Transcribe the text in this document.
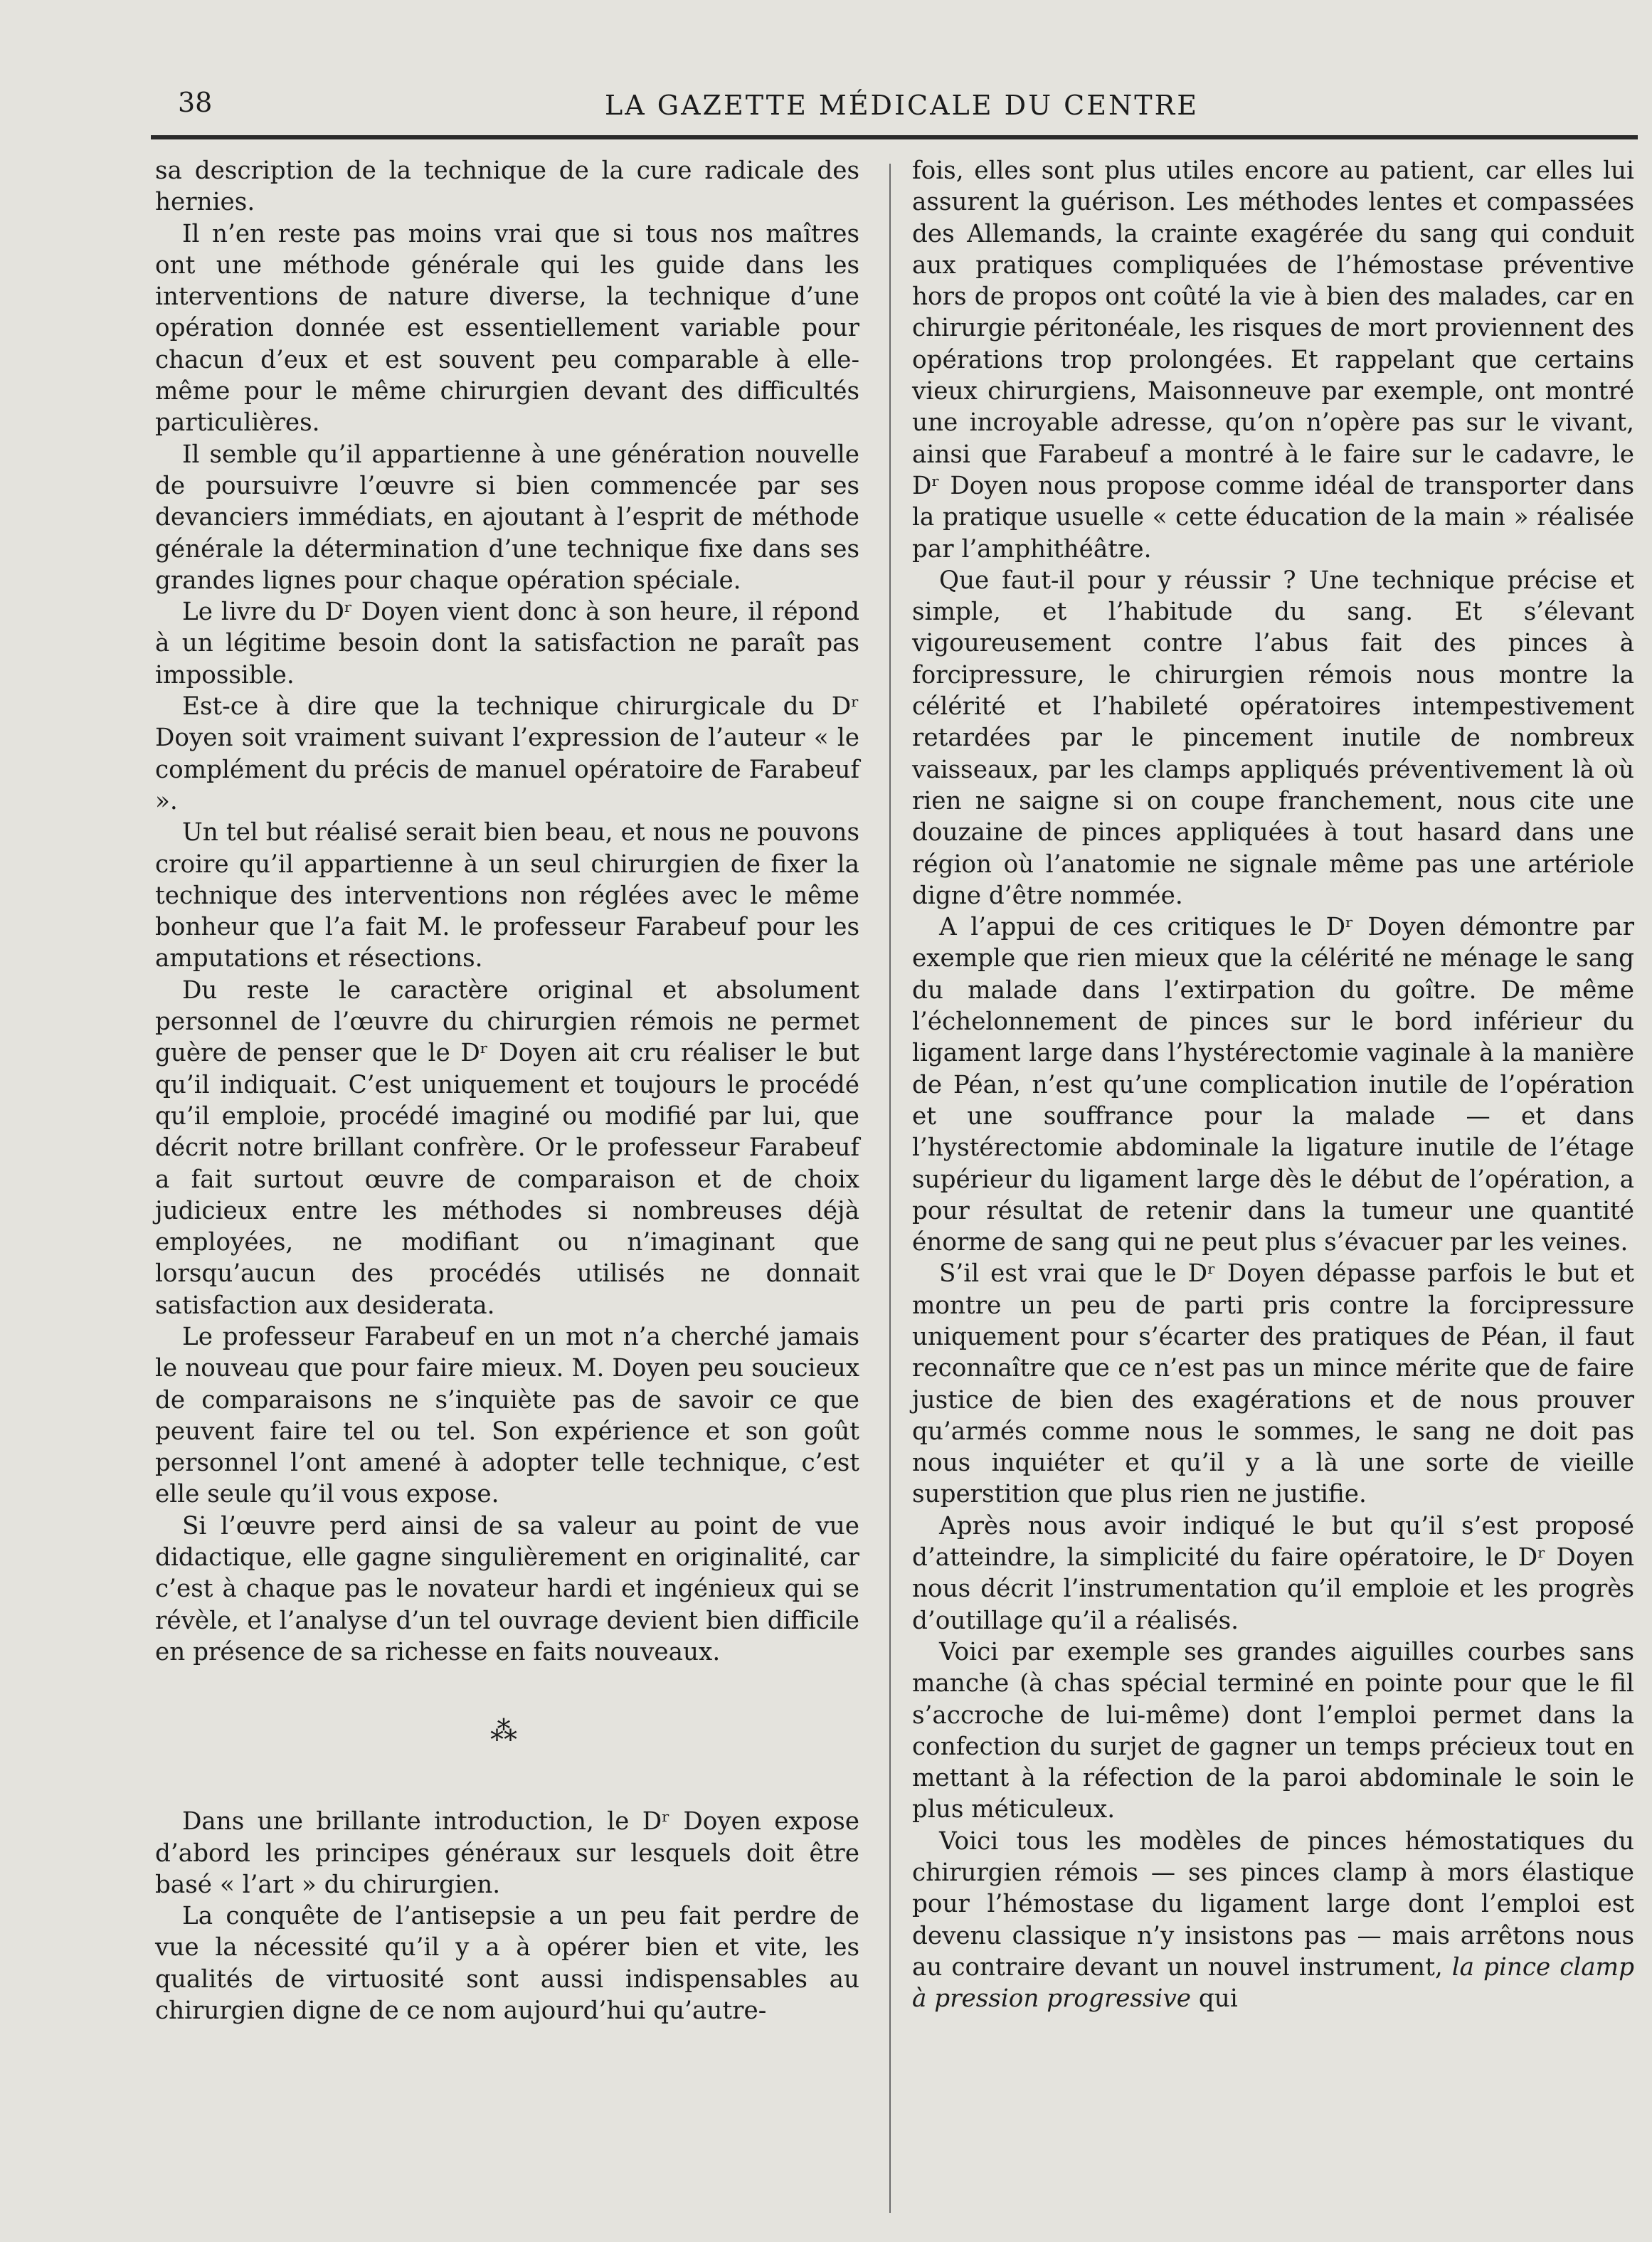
38	LA GAZETTE MÉDICALE DU CENTRE

sa description de la technique de la cure radicale des hernies.

Il n’en reste pas moins vrai que si tous nos maîtres ont une méthode générale qui les guide dans les interventions de nature diverse, la technique d’une opération donnée est essentiellement variable pour chacun d’eux et est souvent peu comparable à elle-même pour le même chirurgien devant des difficultés particulières.

Il semble qu’il appartienne à une génération nouvelle de poursuivre l’œuvre si bien commencée par ses devanciers immédiats, en ajoutant à l’esprit de méthode générale la détermination d’une technique fixe dans ses grandes lignes pour chaque opération spéciale.

Le livre du Dʳ Doyen vient donc à son heure, il répond à un légitime besoin dont la satisfaction ne paraît pas impossible.

Est-ce à dire que la technique chirurgicale du Dʳ Doyen soit vraiment suivant l’expression de l’auteur « le complément du précis de manuel opératoire de Farabeuf ».

Un tel but réalisé serait bien beau, et nous ne pouvons croire qu’il appartienne à un seul chirurgien de fixer la technique des interventions non réglées avec le même bonheur que l’a fait M. le professeur Farabeuf pour les amputations et résections.

Du reste le caractère original et absolument personnel de l’œuvre du chirurgien rémois ne permet guère de penser que le Dʳ Doyen ait cru réaliser le but qu’il indiquait. C’est uniquement et toujours le procédé qu’il emploie, procédé imaginé ou modifié par lui, que décrit notre brillant confrère. Or le professeur Farabeuf a fait surtout œuvre de comparaison et de choix judicieux entre les méthodes si nombreuses déjà employées, ne modifiant ou n’imaginant que lorsqu’aucun des procédés utilisés ne donnait satisfaction aux desiderata.

Le professeur Farabeuf en un mot n’a cherché jamais le nouveau que pour faire mieux. M. Doyen peu soucieux de comparaisons ne s’inquiète pas de savoir ce que peuvent faire tel ou tel. Son expérience et son goût personnel l’ont amené à adopter telle technique, c’est elle seule qu’il vous expose.

Si l’œuvre perd ainsi de sa valeur au point de vue didactique, elle gagne singulièrement en originalité, car c’est à chaque pas le novateur hardi et ingénieux qui se révèle, et l’analyse d’un tel ouvrage devient bien difficile en présence de sa richesse en faits nouveaux.

⁂

Dans une brillante introduction, le Dʳ Doyen expose d’abord les principes généraux sur lesquels doit être basé « l’art » du chirurgien.

La conquête de l’antisepsie a un peu fait perdre de vue la nécessité qu’il y a à opérer bien et vite, les qualités de virtuosité sont aussi indispensables au chirurgien digne de ce nom aujourd’hui qu’autre-

fois, elles sont plus utiles encore au patient, car elles lui assurent la guérison. Les méthodes lentes et compassées des Allemands, la crainte exagérée du sang qui conduit aux pratiques compliquées de l’hémostase préventive hors de propos ont coûté la vie à bien des malades, car en chirurgie péritonéale, les risques de mort proviennent des opérations trop prolongées. Et rappelant que certains vieux chirurgiens, Maisonneuve par exemple, ont montré une incroyable adresse, qu’on n’opère pas sur le vivant, ainsi que Farabeuf a montré à le faire sur le cadavre, le Dʳ Doyen nous propose comme idéal de transporter dans la pratique usuelle « cette éducation de la main » réalisée par l’amphithéâtre.

Que faut-il pour y réussir ? Une technique précise et simple, et l’habitude du sang. Et s’élevant vigoureusement contre l’abus fait des pinces à forcipressure, le chirurgien rémois nous montre la célérité et l’habileté opératoires intempestivement retardées par le pincement inutile de nombreux vaisseaux, par les clamps appliqués préventivement là où rien ne saigne si on coupe franchement, nous cite une douzaine de pinces appliquées à tout hasard dans une région où l’anatomie ne signale même pas une artériole digne d’être nommée.

A l’appui de ces critiques le Dʳ Doyen démontre par exemple que rien mieux que la célérité ne ménage le sang du malade dans l’extirpation du goître. De même l’échelonnement de pinces sur le bord inférieur du ligament large dans l’hystérectomie vaginale à la manière de Péan, n’est qu’une complication inutile de l’opération et une souffrance pour la malade — et dans l’hystérectomie abdominale la ligature inutile de l’étage supérieur du ligament large dès le début de l’opération, a pour résultat de retenir dans la tumeur une quantité énorme de sang qui ne peut plus s’évacuer par les veines.

S’il est vrai que le Dʳ Doyen dépasse parfois le but et montre un peu de parti pris contre la forcipressure uniquement pour s’écarter des pratiques de Péan, il faut reconnaître que ce n’est pas un mince mérite que de faire justice de bien des exagérations et de nous prouver qu’armés comme nous le sommes, le sang ne doit pas nous inquiéter et qu’il y a là une sorte de vieille superstition que plus rien ne justifie.

Après nous avoir indiqué le but qu’il s’est proposé d’atteindre, la simplicité du faire opératoire, le Dʳ Doyen nous décrit l’instrumentation qu’il emploie et les progrès d’outillage qu’il a réalisés.

Voici par exemple ses grandes aiguilles courbes sans manche (à chas spécial terminé en pointe pour que le fil s’accroche de lui-même) dont l’emploi permet dans la confection du surjet de gagner un temps précieux tout en mettant à la réfection de la paroi abdominale le soin le plus méticuleux.

Voici tous les modèles de pinces hémostatiques du chirurgien rémois — ses pinces clamp à mors élastique pour l’hémostase du ligament large dont l’emploi est devenu classique n’y insistons pas — mais arrêtons nous au contraire devant un nouvel instrument, la pince clamp à pression progressive qui
